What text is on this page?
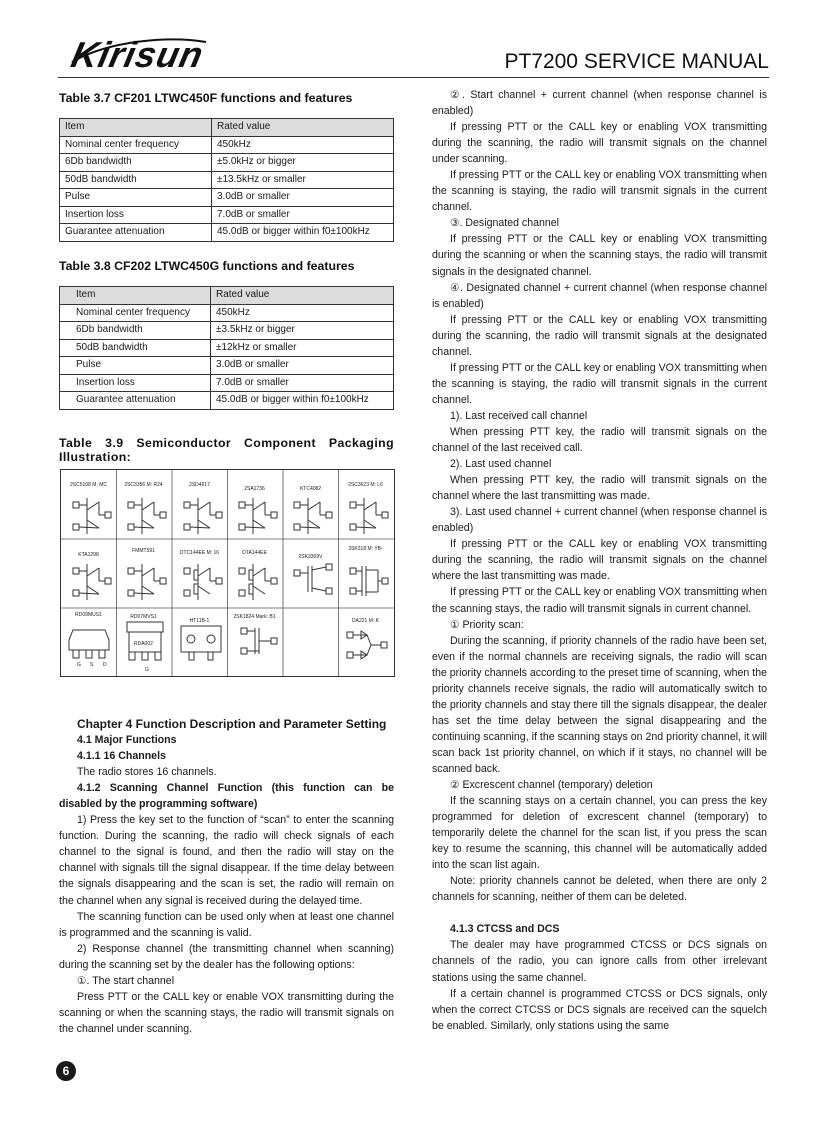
Kirisun	PT7200 SERVICE MANUAL
Table 3.7 CF201 LTWC450F functions and features
Item	Rated value
Nominal center frequency	450kHz
6Db bandwidth	±5.0kHz or bigger
50dB bandwidth	±13.5kHz or smaller
Pulse	3.0dB or smaller
Insertion loss	7.0dB or smaller
Guarantee attenuation	45.0dB or bigger within f0±100kHz
Table 3.8 CF202 LTWC450G functions and features
Item	Rated value
Nominal center frequency	450kHz
6Db bandwidth	±3.5kHz or bigger
50dB bandwidth	±12kHz or smaller
Pulse	3.0dB or smaller
Insertion loss	7.0dB or smaller
Guarantee attenuation	45.0dB or bigger within f0±100kHz
Table 3.9 Semiconductor Component Packaging Illustration:
2SC5108 M: MC	2SC3356 M: R24	2SD4617
2SA1736	KTC4082
2SC3623 M: L6
KTA1298
FMMT591	DTC144EE M: 16	DTA144EE
2SK3309V
3SK318 M: YB-
RD09MUS1	RD07MVS1
HT11B-1
2SK1824 Mark: B1
DA221 M: K
G S D
RDA002
G

Chapter 4 Function Description and Parameter Setting

4.1 Major Functions

4.1.1 16 Channels

The radio stores 16 channels.

4.1.2 Scanning Channel Function (this function can be disabled by the programming software)

1) Press the key set to the function of “scan” to enter the scanning function. During the scanning, the radio will check signals of each channel to the signal is found, and then the radio will stay on the channel with signals till the signal disappear. If the time delay between the signals disappearing and the scan is set, the radio will remain on the channel when any signal is received during the delayed time.

The scanning function can be used only when at least one channel is programmed and the scanning is valid.

2) Response channel (the transmitting channel when scanning) during the scanning set by the dealer has the following options:

①. The start channel

Press PTT or the CALL key or enable VOX transmitting during the scanning or when the scanning stays, the radio will transmit signals on the channel under scanning.

②. Start channel + current channel (when response channel is enabled)

If pressing PTT or the CALL key or enabling VOX transmitting during the scanning, the radio will transmit signals on the channel under scanning.

If pressing PTT or the CALL key or enabling VOX transmitting when the scanning is staying, the radio will transmit signals in the current channel.

③. Designated channel

If pressing PTT or the CALL key or enabling VOX transmitting during the scanning or when the scanning stays, the radio will transmit signals in the designated channel.

④. Designated channel + current channel (when response channel is enabled)

If pressing PTT or the CALL key or enabling VOX transmitting during the scanning, the radio will transmit signals at the designated channel.

If pressing PTT or the CALL key or enabling VOX transmitting when the scanning is staying, the radio will transmit signals in the current channel.

1). Last received call channel

When pressing PTT key, the radio will transmit signals on the channel of the last received call.

2). Last used channel

When pressing PTT key, the radio will transmit signals on the channel where the last transmitting was made.

3). Last used channel + current channel (when response channel is enabled)

If pressing PTT or the CALL key or enabling VOX transmitting during the scanning, the radio will transmit signals on the channel where the last transmitting was made.

If pressing PTT or the CALL key or enabling VOX transmitting when the scanning stays, the radio will transmit signals in current channel.

① Priority scan:

During the scanning, if priority channels of the radio have been set, even if the normal channels are receiving signals, the radio will scan the priority channels according to the preset time of scanning, when the priority channels receive signals, the radio will automatically switch to the priority channels and stay there till the signals disappear, the dealer has set the time delay between the signal disappearing and the continuing scanning, if the scanning stays on 2nd priority channel, it will scan back 1st priority channel, on which if it stays, no channel will be scanned back.

② Excrescent channel (temporary) deletion

If the scanning stays on a certain channel, you can press the key programmed for deletion of excrescent channel (temporary) to temporarily delete the channel for the scan list, if you press the scan key to resume the scanning, this channel will be automatically added into the scan list again.

Note: priority channels cannot be deleted, when there are only 2 channels for scanning, neither of them can be deleted.

4.1.3 CTCSS and DCS

The dealer may have programmed CTCSS or DCS signals on channels of the radio, you can ignore calls from other irrelevant stations using the same channel.

If a certain channel is programmed CTCSS or DCS signals, only when the correct CTCSS or DCS signals are received can the squelch be enabled. Similarly, only stations using the same

6
